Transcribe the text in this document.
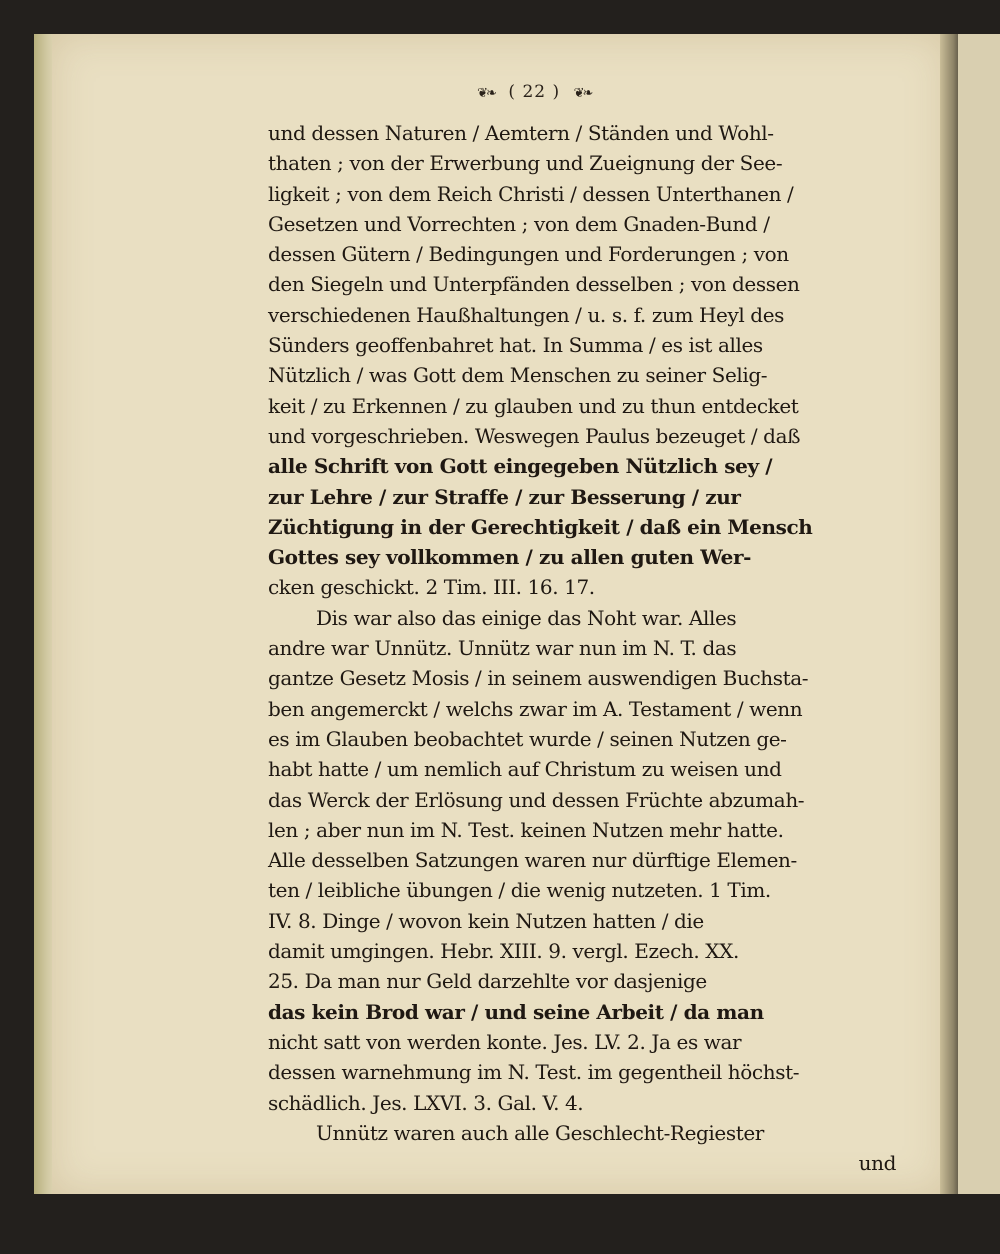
❦❧ ( 22 ) ❦❧
und dessen Naturen / Aemtern / Ständen und Wohl-
thaten ; von der Erwerbung und Zueignung der See-
ligkeit ; von dem Reich Christi / dessen Unterthanen /
Gesetzen und Vorrechten ; von dem Gnaden-Bund /
dessen Gütern / Bedingungen und Forderungen ; von
den Siegeln und Unterpfänden desselben ; von dessen
verschiedenen Haußhaltungen / u. s. f. zum Heyl des
Sünders geoffenbahret hat. In Summa / es ist alles
Nützlich / was Gott dem Menschen zu seiner Selig-
keit / zu Erkennen / zu glauben und zu thun entdecket
und vorgeschrieben. Weswegen Paulus bezeuget / daß
alle Schrift von Gott eingegeben Nützlich sey /
zur Lehre / zur Straffe / zur Besserung / zur
Züchtigung in der Gerechtigkeit / daß ein Mensch
Gottes sey vollkommen / zu allen guten Wer-
cken geschickt. 2 Tim. III. 16. 17.
Dis war also das einige das Noht war. Alles
andre war Unnütz. Unnütz war nun im N. T. das
gantze Gesetz Mosis / in seinem auswendigen Buchsta-
ben angemerckt / welchs zwar im A. Testament / wenn
es im Glauben beobachtet wurde / seinen Nutzen ge-
habt hatte / um nemlich auf Christum zu weisen und
das Werck der Erlösung und dessen Früchte abzumah-
len ; aber nun im N. Test. keinen Nutzen mehr hatte.
Alle desselben Satzungen waren nur dürftige Elemen-
ten / leibliche übungen / die wenig nutzeten. 1 Tim.
IV. 8. Dinge / wovon kein Nutzen hatten / die
damit umgingen. Hebr. XIII. 9. vergl. Ezech. XX.
25. Da man nur Geld darzehlte vor dasjenige
das kein Brod war / und seine Arbeit / da man
nicht satt von werden konte. Jes. LV. 2. Ja es war
dessen warnehmung im N. Test. im gegentheil höchst-
schädlich. Jes. LXVI. 3. Gal. V. 4.
Unnütz waren auch alle Geschlecht-Regiester
und
